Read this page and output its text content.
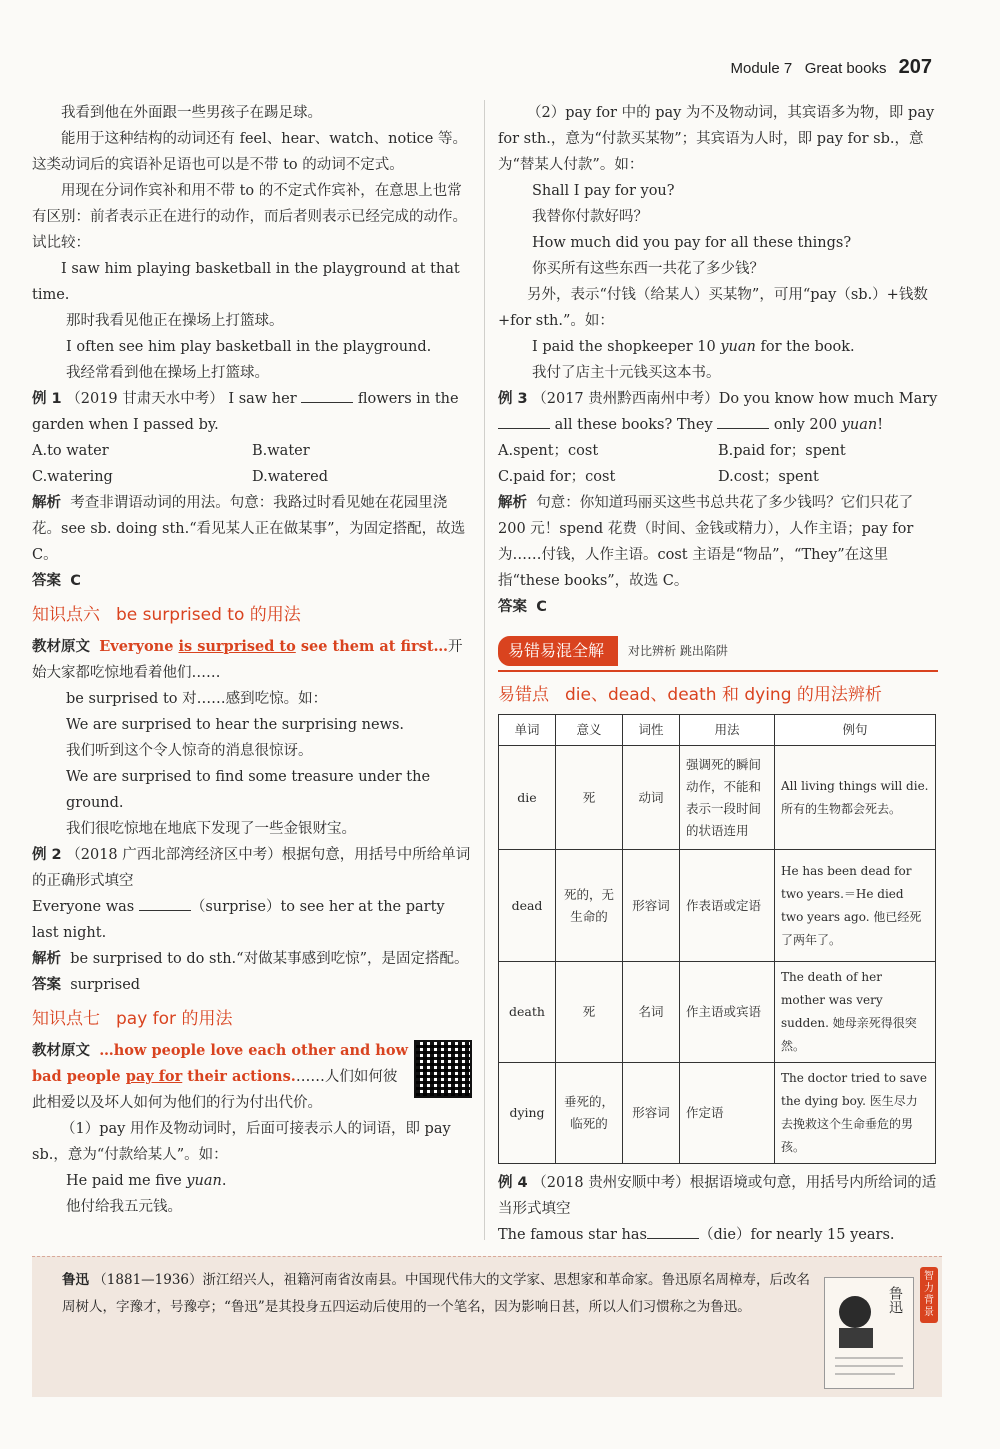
Module 7 Great books 207

我看到他在外面跟一些男孩子在踢足球。

能用于这种结构的动词还有 feel、hear、watch、notice 等。这类动词后的宾语补足语也可以是不带 to 的动词不定式。

用现在分词作宾补和用不带 to 的不定式作宾补，在意思上也常有区别：前者表示正在进行的动作，而后者则表示已经完成的动作。试比较：

I saw him playing basketball in the playground at that time.

那时我看见他正在操场上打篮球。

I often see him play basketball in the playground.

我经常看到他在操场上打篮球。

例 1 （2019 甘肃天水中考） I saw her	flowers in the garden when I passed by.

A.to water	B.water
C.watering	D.watered

解析 考查非谓语动词的用法。句意：我路过时看见她在花园里浇花。see sb. doing sth.“看见某人正在做某事”，为固定搭配，故选 C。

答案 C

知识点六 be surprised to 的用法

教材原文 Everyone is surprised to see them at first…开始大家都吃惊地看着他们……

be surprised to 对……感到吃惊。如：

We are surprised to hear the surprising news.

我们听到这个令人惊奇的消息很惊讶。

We are surprised to find some treasure under the ground.

我们很吃惊地在地底下发现了一些金银财宝。

例 2 （2018 广西北部湾经济区中考）根据句意，用括号中所给单词的正确形式填空

Everyone was	（surprise）to see her at the party last night.

解析 be surprised to do sth.“对做某事感到吃惊”，是固定搭配。

答案 surprised

知识点七 pay for 的用法

教材原文 …how people love each other and how bad people pay for their actions.……人们如何彼此相爱以及坏人如何为他们的行为付出代价。

（1）pay 用作及物动词时，后面可接表示人的词语，即 pay sb.，意为“付款给某人”。如：

He paid me five yuan.

他付给我五元钱。

（2）pay for 中的 pay 为不及物动词，其宾语多为物，即 pay for sth.，意为“付款买某物”；其宾语为人时，即 pay for sb.，意为“替某人付款”。如：

Shall I pay for you?

我替你付款好吗？

How much did you pay for all these things?

你买所有这些东西一共花了多少钱？

另外，表示“付钱（给某人）买某物”，可用“pay（sb.）+钱数+for sth.”。如：

I paid the shopkeeper 10 yuan for the book.

我付了店主十元钱买这本书。

例 3 （2017 贵州黔西南州中考）Do you know how much Mary  all these books? They	only 200 yuan!

A.spent；cost	B.paid for；spent
C.paid for；cost	D.cost；spent

解析 句意：你知道玛丽买这些书总共花了多少钱吗？它们只花了 200 元！spend 花费（时间、金钱或精力），人作主语；pay for 为……付钱，人作主语。cost 主语是“物品”，“They”在这里指“these books”，故选 C。

答案 C

易错易混全解	对比辨析 跳出陷阱
易错点 die、dead、death 和 dying 的用法辨析
单词	意义	词性	用法	例句
die	死	动词	强调死的瞬间动作，不能和表示一段时间的状语连用	All living things will die. 所有的生物都会死去。
dead	死的，无生命的	形容词	作表语或定语	He has been dead for two years.＝He died two years ago. 他已经死了两年了。
death	死	名词	作主语或宾语	The death of her mother was very sudden. 她母亲死得很突然。
dying	垂死的，临死的	形容词	作定语	The doctor tried to save the dying boy. 医生尽力去挽救这个生命垂危的男孩。

例 4 （2018 贵州安顺中考）根据语境或句意，用括号内所给词的适当形式填空

The famous star has	（die）for nearly 15 years.

鲁迅 （1881—1936）浙江绍兴人，祖籍河南省汝南县。中国现代伟大的文学家、思想家和革命家。鲁迅原名周樟寿，后改名周树人，字豫才，号豫亭；“鲁迅”是其投身五四运动后使用的一个笔名，因为影响日甚，所以人们习惯称之为鲁迅。	鲁迅
智力背景
